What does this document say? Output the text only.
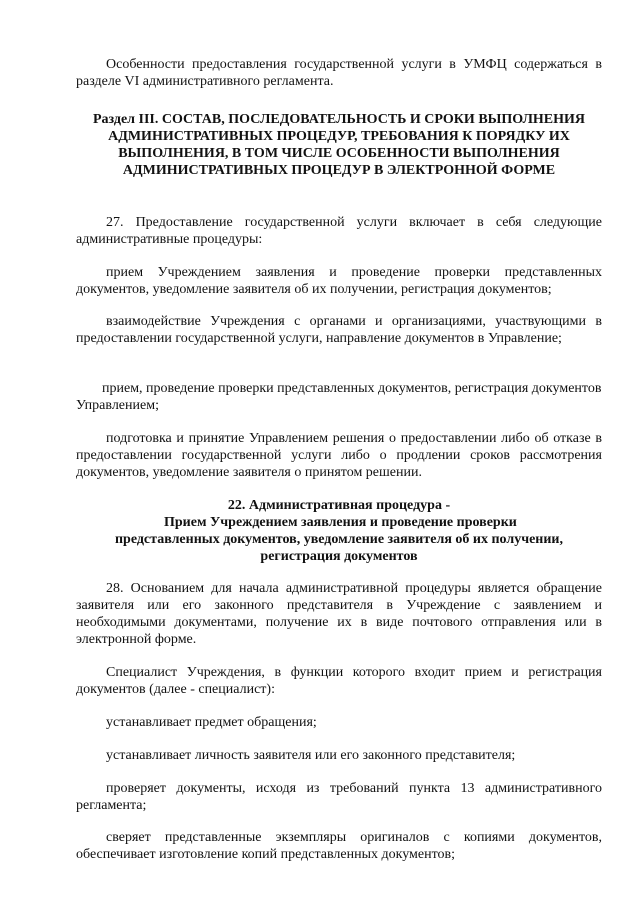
Особенности предоставления государственной услуги в УМФЦ содержаться в разделе VI административного регламента.

Раздел III. СОСТАВ, ПОСЛЕДОВАТЕЛЬНОСТЬ И СРОКИ ВЫПОЛНЕНИЯ АДМИНИСТРАТИВНЫХ ПРОЦЕДУР, ТРЕБОВАНИЯ К ПОРЯДКУ ИХ ВЫПОЛНЕНИЯ, В ТОМ ЧИСЛЕ ОСОБЕННОСТИ ВЫПОЛНЕНИЯ АДМИНИСТРАТИВНЫХ ПРОЦЕДУР В ЭЛЕКТРОННОЙ ФОРМЕ

27. Предоставление государственной услуги включает в себя следующие административные процедуры:

прием Учреждением заявления и проведение проверки представленных документов, уведомление заявителя об их получении, регистрация документов;

взаимодействие Учреждения с органами и организациями, участвующими в предоставлении государственной услуги, направление документов в Управление;

прием, проведение проверки представленных документов, регистрация документов Управлением;

подготовка и принятие Управлением решения о предоставлении либо об отказе в предоставлении государственной услуги либо о продлении сроков рассмотрения документов, уведомление заявителя о принятом решении.

22. Административная процедура -
Прием Учреждением заявления и проведение проверки
представленных документов, уведомление заявителя об их получении,
регистрация документов

28. Основанием для начала административной процедуры является обращение заявителя или его законного представителя в Учреждение с заявлением и необходимыми документами, получение их в виде почтового отправления или в электронной форме.

Специалист Учреждения, в функции которого входит прием и регистрация документов (далее - специалист):

устанавливает предмет обращения;

устанавливает личность заявителя или его законного представителя;

проверяет документы, исходя из требований пункта 13 административного регламента;

сверяет представленные экземпляры оригиналов с копиями документов, обеспечивает изготовление копий представленных документов;
